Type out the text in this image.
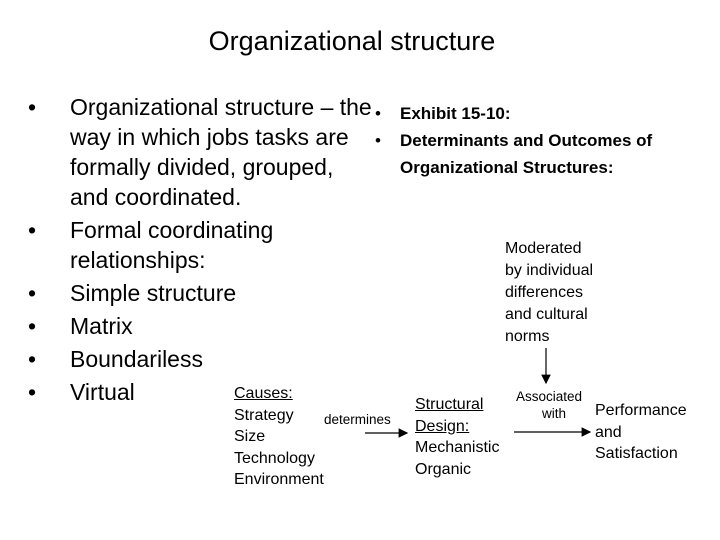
Organizational structure
• Organizational structure – the way in which jobs tasks are formally divided, grouped, and coordinated.
• Formal coordinating relationships:
• Simple structure
• Matrix
• Boundariless
• Virtual
• Exhibit 15-10:
• Determinants and Outcomes of Organizational Structures:
Moderated
by individual
differences
and cultural
norms
Causes:
Strategy
Size
Technology
Environment
determines
Structural
Design:
Mechanistic
Organic
Associated
with	Performance
and
Satisfaction
